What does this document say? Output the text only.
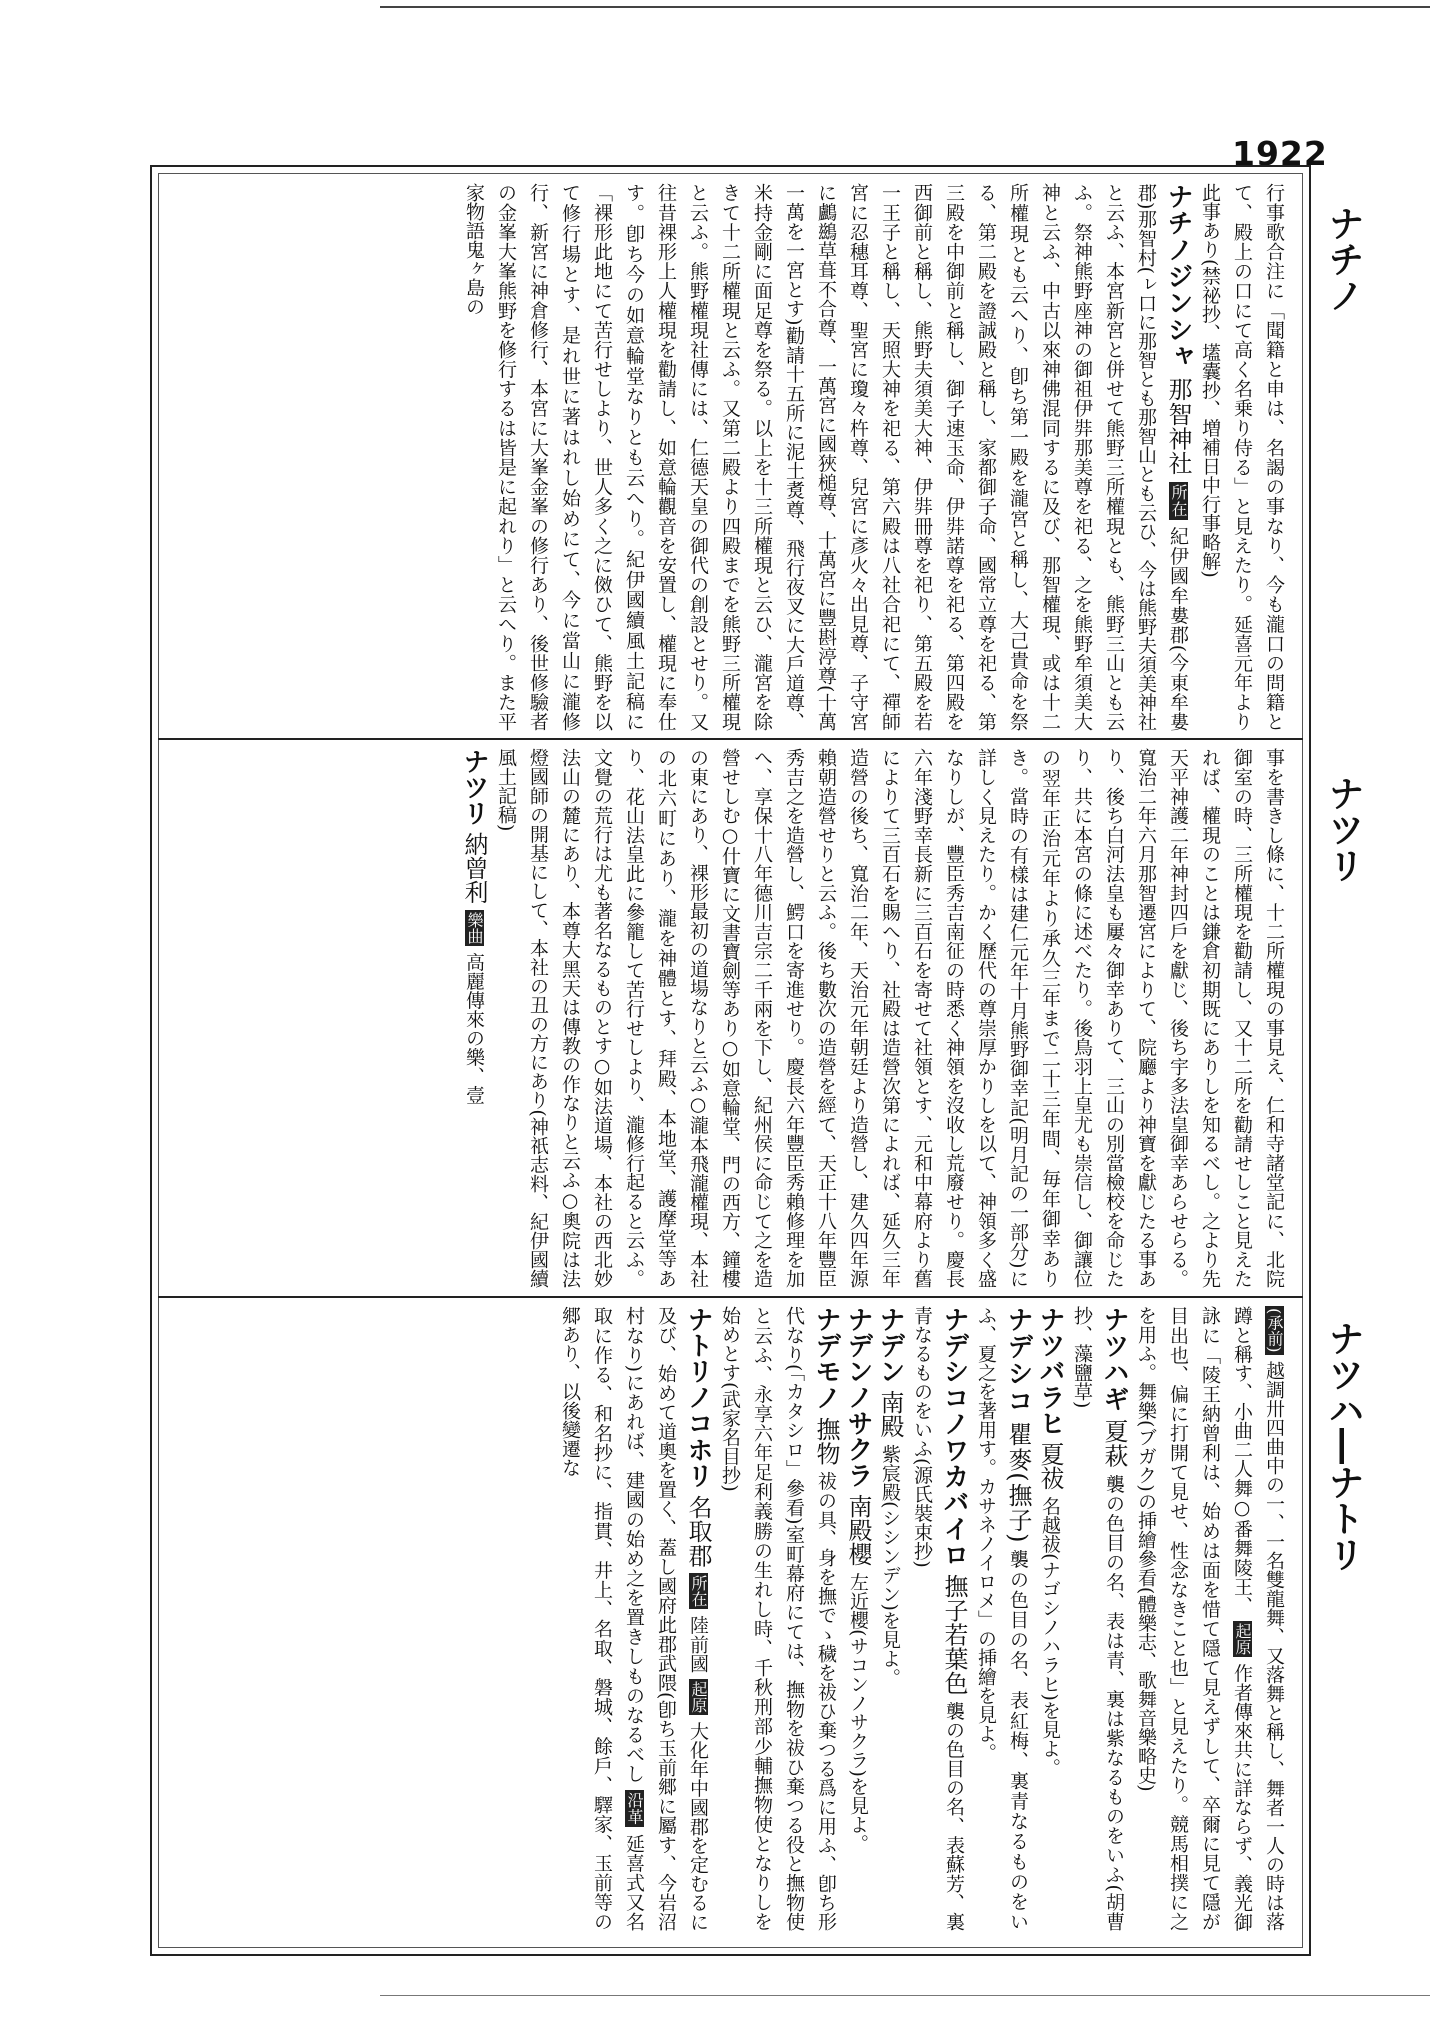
1922
ナチノ
ナツリ
ナツハ―ナトリ

行事歌合注に「聞籍と申は、名謁の事なり、今も瀧口の問籍とて、殿上の口にて高く名乗り侍る」と見えたり。延喜元年より此事あり(禁祕抄、壒囊抄、増補日中行事略解)

ナチノジンシャ 那智神社 所在 紀伊國牟婁郡(今東牟婁郡)那智村(ㇾ口に那智とも那智山とも云ひ、今は熊野夫須美神社と云ふ、本宮新宮と併せて熊野三所權現とも、熊野三山とも云ふ。祭神熊野座神の御祖伊弉那美尊を祀る、之を熊野牟須美大神と云ふ、中古以來神佛混同するに及び、那智權現、或は十二所權現とも云へり、卽ち第一殿を瀧宮と稱し、大己貴命を祭る、第二殿を證誠殿と稱し、家都御子命、國常立尊を祀る、第三殿を中御前と稱し、御子速玉命、伊弉諾尊を祀る、第四殿を西御前と稱し、熊野夫須美大神、伊弉冊尊を祀り、第五殿を若一王子と稱し、天照大神を祀る、第六殿は八社合祀にて、禪師宮に忍穗耳尊、聖宮に瓊々杵尊、兒宮に彥火々出見尊、子守宮に鸕鷀草葺不合尊、一萬宮に國狹槌尊、十萬宮に豐斟渟尊(十萬一萬を一宮とす)勸請十五所に泥土煑尊、飛行夜叉に大戶道尊、米持金剛に面足尊を祭る。以上を十三所權現と云ひ、瀧宮を除きて十二所權現と云ふ。又第二殿より四殿までを熊野三所權現と云ふ。熊野權現社傳には、仁德天皇の御代の創設とせり。又往昔裸形上人權現を勸請し、如意輪觀音を安置し、權現に奉仕す。卽ち今の如意輪堂なりとも云へり。紀伊國續風土記稿に「裸形此地にて苦行せしより、世人多く之に傚ひて、熊野を以て修行場とす、是れ世に著はれし始めにて、今に當山に瀧修行、新宮に神倉修行、本宮に大峯金峯の修行あり、後世修驗者の金峯大峯熊野を修行するは皆是に起れり」と云へり。また平家物語鬼ヶ島の

事を書きし條に、十二所權現の事見え、仁和寺諸堂記に、北院御室の時、三所權現を勸請し、又十二所を勸請せしこと見えたれば、權現のことは鎌倉初期既にありしを知るべし。之より先天平神護二年神封四戶を獻じ、後ち宇多法皇御幸あらせらる。寬治二年六月那智遷宮によりて、院廳より神寶を獻じたる事あり、後ち白河法皇も屢々御幸ありて、三山の別當檢校を命じたり、共に本宮の條に述べたり。後鳥羽上皇尤も崇信し、御讓位の翌年正治元年より承久三年まで二十三年間、毎年御幸ありき。當時の有樣は建仁元年十月熊野御幸記(明月記の一部分)に詳しく見えたり。かく歷代の尊崇厚かりしを以て、神領多く盛なりしが、豐臣秀吉南征の時悉く神領を沒收し荒廢せり。慶長六年淺野幸長新に三百石を寄せて社領とす、元和中幕府より舊によりて三百石を賜へり、社殿は造營次第によれば、延久三年造營の後ち、寬治二年、天治元年朝廷より造營し、建久四年源賴朝造營せりと云ふ。後ち數次の造營を經て、天正十八年豐臣秀吉之を造營し、鰐口を寄進せり。慶長六年豐臣秀賴修理を加へ、享保十八年德川吉宗二千兩を下し、紀州侯に命じて之を造營せしむ○什寶に文書寶劍等あり○如意輪堂、門の西方、鐘樓の東にあり、裸形最初の道場なりと云ふ○瀧本飛瀧權現、本社の北六町にあり、瀧を神體とす、拜殿、本地堂、護摩堂等あり、花山法皇此に參籠して苦行せしより、瀧修行起ると云ふ。文覺の荒行は尤も著名なるものとす○如法道場、本社の西北妙法山の麓にあり、本尊大黑天は傳教の作なりと云ふ○奧院は法燈國師の開基にして、本社の丑の方にあり(神祇志料、紀伊國續風土記稿)

ナツリ 納曾利 樂曲 高麗傳來の樂、壹

(承前) 越調卅四曲中の一、一名雙龍舞、又落舞と稱し、舞者一人の時は落蹲と稱す、小曲二人舞○番舞陵王、 起原 作者傳來共に詳ならず、義光御詠に「陵王納曾利は、始めは面を惜て隱て見えずして、卒爾に見て隱が目出也、偏に打開て見せ、性念なきこと也」と見えたり。競馬相撲に之を用ふ。舞樂(ブガク)の挿繪參看(體樂志、歌舞音樂略史)

ナツハギ 夏萩 襲の色目の名、表は青、裏は紫なるものをいふ(胡曹抄、藻鹽草)

ナツバラヒ 夏祓 名越祓(ナゴシノハラヒ)を見よ。

ナデシコ 瞿麥(撫子) 襲の色目の名、表紅梅、裏青なるものをいふ、夏之を著用す。カサネノイロメ」の挿繪を見よ。

ナデシコノワカバイロ 撫子若葉色 襲の色目の名、表蘇芳、裏青なるものをいふ(源氏裝束抄)

ナデン 南殿 紫宸殿(シシンデン)を見よ。

ナデンノサクラ 南殿櫻 左近櫻(サコンノサクラ)を見よ。

ナデモノ 撫物 祓の具、身を撫でゝ穢を祓ひ棄つる爲に用ふ、卽ち形代なり(「カタシロ」參看)室町幕府にては、撫物を祓ひ棄つる役と撫物使と云ふ、永享六年足利義勝の生れし時、千秋刑部少輔撫物使となりしを始めとす(武家名目抄)

ナトリノコホリ 名取郡 所在 陸前國 起原 大化年中國郡を定むるに及び、始めて道奧を置く、蓋し國府此郡武隈(卽ち玉前郷に屬す、今岩沼村なり)にあれば、建國の始め之を置きしものなるべし 沿革 延喜式又名取に作る、和名抄に、指貫、井上、名取、磐城、餘戶、驛家、玉前等の郷あり、以後變遷な
